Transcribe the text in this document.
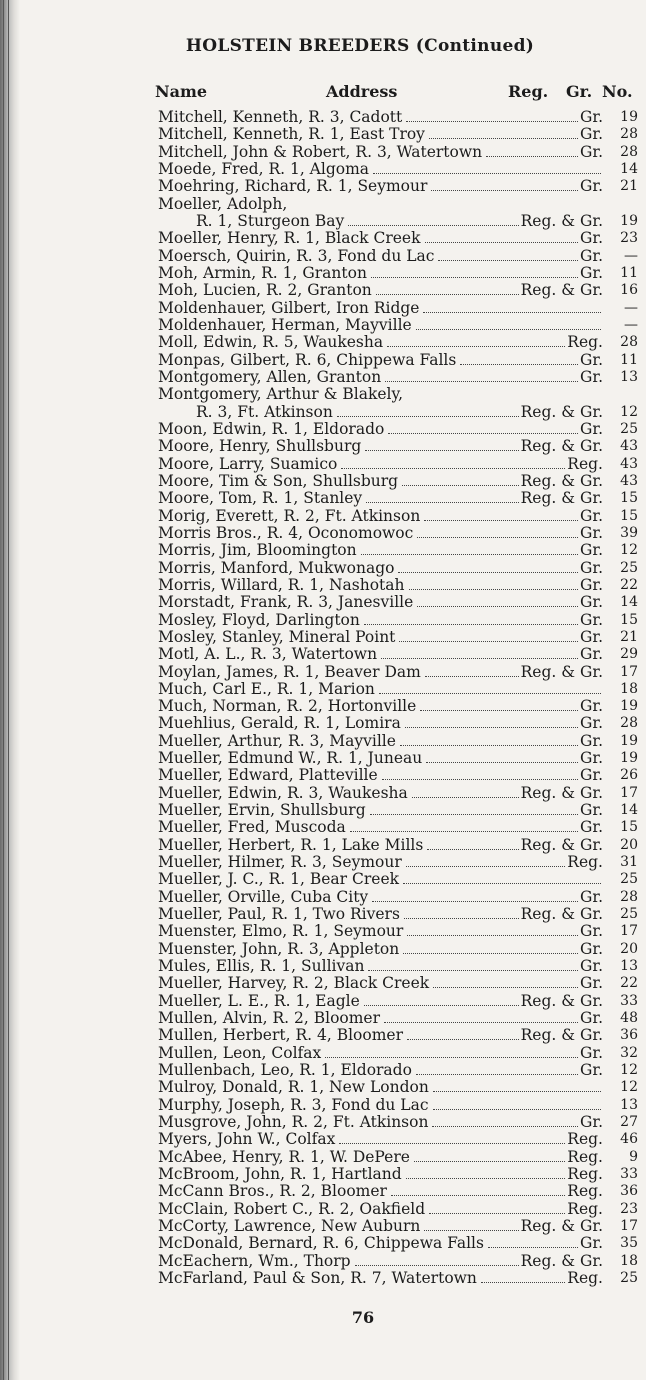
HOLSTEIN BREEDERS (Continued)
Name	Address	Reg. Gr. No.
Mitchell, Kenneth, R. 3, Cadott	Gr.	19
Mitchell, Kenneth, R. 1, East Troy	Gr.	28
Mitchell, John & Robert, R. 3, Watertown	Gr.	28
Moede, Fred, R. 1, Algoma	14
Moehring, Richard, R. 1, Seymour	Gr.	21
Moeller, Adolph,
R. 1, Sturgeon Bay	Reg. & Gr.	19
Moeller, Henry, R. 1, Black Creek	Gr.	23
Moersch, Quirin, R. 3, Fond du Lac	Gr.	—
Moh, Armin, R. 1, Granton	Gr.	11
Moh, Lucien, R. 2, Granton	Reg. & Gr.	16
Moldenhauer, Gilbert, Iron Ridge	—
Moldenhauer, Herman, Mayville	—
Moll, Edwin, R. 5, Waukesha	Reg.	28
Monpas, Gilbert, R. 6, Chippewa Falls	Gr.	11
Montgomery, Allen, Granton	Gr.	13
Montgomery, Arthur & Blakely,
R. 3, Ft. Atkinson	Reg. & Gr.	12
Moon, Edwin, R. 1, Eldorado	Gr.	25
Moore, Henry, Shullsburg	Reg. & Gr.	43
Moore, Larry, Suamico	Reg.	43
Moore, Tim & Son, Shullsburg	Reg. & Gr.	43
Moore, Tom, R. 1, Stanley	Reg. & Gr.	15
Morig, Everett, R. 2, Ft. Atkinson	Gr.	15
Morris Bros., R. 4, Oconomowoc	Gr.	39
Morris, Jim, Bloomington	Gr.	12
Morris, Manford, Mukwonago	Gr.	25
Morris, Willard, R. 1, Nashotah	Gr.	22
Morstadt, Frank, R. 3, Janesville	Gr.	14
Mosley, Floyd, Darlington	Gr.	15
Mosley, Stanley, Mineral Point	Gr.	21
Motl, A. L., R. 3, Watertown	Gr.	29
Moylan, James, R. 1, Beaver Dam	Reg. & Gr.	17
Much, Carl E., R. 1, Marion	18
Much, Norman, R. 2, Hortonville	Gr.	19
Muehlius, Gerald, R. 1, Lomira	Gr.	28
Mueller, Arthur, R. 3, Mayville	Gr.	19
Mueller, Edmund W., R. 1, Juneau	Gr.	19
Mueller, Edward, Platteville	Gr.	26
Mueller, Edwin, R. 3, Waukesha	Reg. & Gr.	17
Mueller, Ervin, Shullsburg	Gr.	14
Mueller, Fred, Muscoda	Gr.	15
Mueller, Herbert, R. 1, Lake Mills	Reg. & Gr.	20
Mueller, Hilmer, R. 3, Seymour	Reg.	31
Mueller, J. C., R. 1, Bear Creek	25
Mueller, Orville, Cuba City	Gr.	28
Mueller, Paul, R. 1, Two Rivers	Reg. & Gr.	25
Muenster, Elmo, R. 1, Seymour	Gr.	17
Muenster, John, R. 3, Appleton	Gr.	20
Mules, Ellis, R. 1, Sullivan	Gr.	13
Mueller, Harvey, R. 2, Black Creek	Gr.	22
Mueller, L. E., R. 1, Eagle	Reg. & Gr.	33
Mullen, Alvin, R. 2, Bloomer	Gr.	48
Mullen, Herbert, R. 4, Bloomer	Reg. & Gr.	36
Mullen, Leon, Colfax	Gr.	32
Mullenbach, Leo, R. 1, Eldorado	Gr.	12
Mulroy, Donald, R. 1, New London	12
Murphy, Joseph, R. 3, Fond du Lac	13
Musgrove, John, R. 2, Ft. Atkinson	Gr.	27
Myers, John W., Colfax	Reg.	46
McAbee, Henry, R. 1, W. DePere	Reg.	9
McBroom, John, R. 1, Hartland	Reg.	33
McCann Bros., R. 2, Bloomer	Reg.	36
McClain, Robert C., R. 2, Oakfield	Reg.	23
McCorty, Lawrence, New Auburn	Reg. & Gr.	17
McDonald, Bernard, R. 6, Chippewa Falls	Gr.	35
McEachern, Wm., Thorp	Reg. & Gr.	18
McFarland, Paul & Son, R. 7, Watertown	Reg.	25
76
